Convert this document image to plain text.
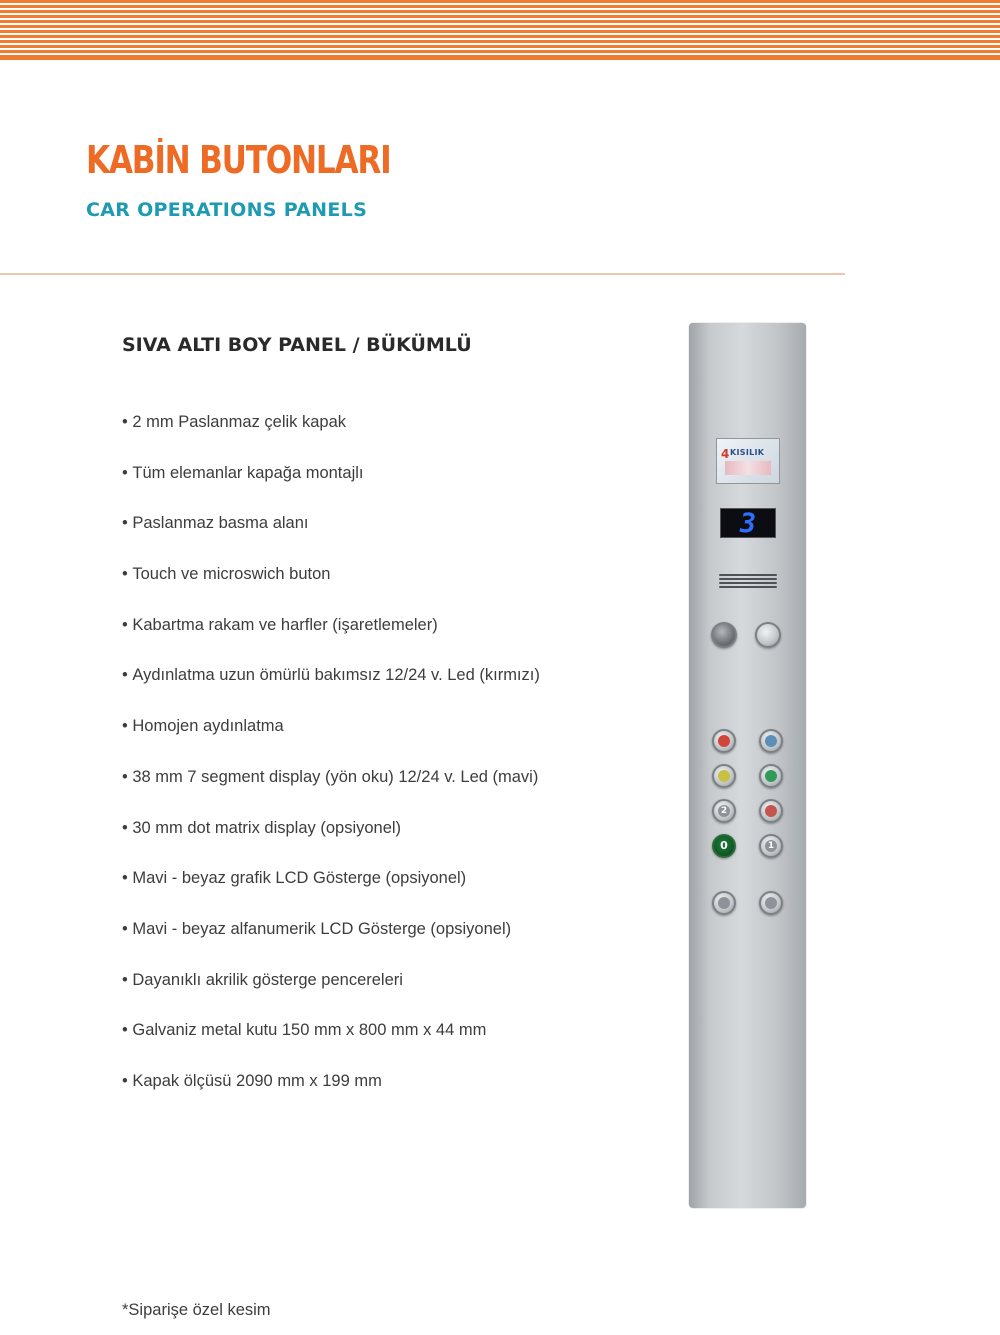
KABİN BUTONLARI
CAR OPERATIONS PANELS
SIVA ALTI BOY PANEL / BÜKÜMLÜ
• 2 mm Paslanmaz çelik kapak
• Tüm elemanlar kapağa montajlı
• Paslanmaz basma alanı
• Touch ve microswich buton
• Kabartma rakam ve harfler (işaretlemeler)
• Aydınlatma uzun ömürlü bakımsız 12/24 v. Led (kırmızı)
• Homojen aydınlatma
• 38 mm 7 segment display (yön oku) 12/24 v. Led (mavi)
• 30 mm dot matrix display (opsiyonel)
• Mavi - beyaz grafik LCD Gösterge (opsiyonel)
• Mavi - beyaz alfanumerik LCD Gösterge (opsiyonel)
• Dayanıklı akrilik gösterge pencereleri
• Galvaniz metal kutu 150 mm x 800 mm x 44 mm
• Kapak ölçüsü 2090 mm x 199 mm

*Siparişe özel kesim

4 KISILIK
3
2
0	1
